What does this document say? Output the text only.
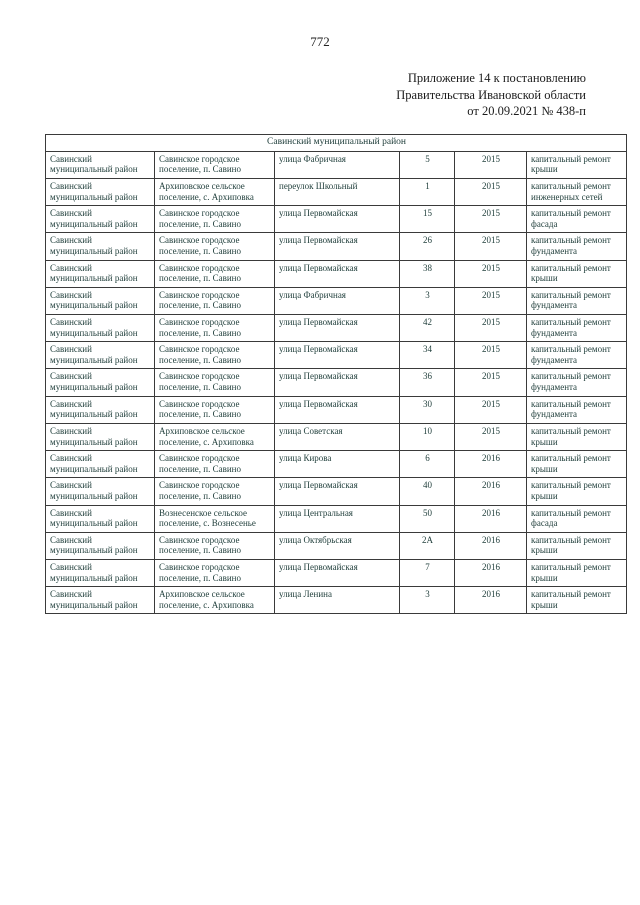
772
Приложение 14 к постановлению
Правительства Ивановской области
от 20.09.2021 № 438-п
Савинский муниципальный район					
Савинский муниципальный район	Савинское городское поселение, п. Савино	улица Фабричная	5	2015	капитальный ремонт крыши
Савинский муниципальный район	Архиповское сельское поселение, с. Архиповка	переулок Школьный	1	2015	капитальный ремонт инженерных сетей
Савинский муниципальный район	Савинское городское поселение, п. Савино	улица Первомайская	15	2015	капитальный ремонт фасада
Савинский муниципальный район	Савинское городское поселение, п. Савино	улица Первомайская	26	2015	капитальный ремонт фундамента
Савинский муниципальный район	Савинское городское поселение, п. Савино	улица Первомайская	38	2015	капитальный ремонт крыши
Савинский муниципальный район	Савинское городское поселение, п. Савино	улица Фабричная	3	2015	капитальный ремонт фундамента
Савинский муниципальный район	Савинское городское поселение, п. Савино	улица Первомайская	42	2015	капитальный ремонт фундамента
Савинский муниципальный район	Савинское городское поселение, п. Савино	улица Первомайская	34	2015	капитальный ремонт фундамента
Савинский муниципальный район	Савинское городское поселение, п. Савино	улица Первомайская	36	2015	капитальный ремонт фундамента
Савинский муниципальный район	Савинское городское поселение, п. Савино	улица Первомайская	30	2015	капитальный ремонт фундамента
Савинский муниципальный район	Архиповское сельское поселение, с. Архиповка	улица Советская	10	2015	капитальный ремонт крыши
Савинский муниципальный район	Савинское городское поселение, п. Савино	улица Кирова	6	2016	капитальный ремонт крыши
Савинский муниципальный район	Савинское городское поселение, п. Савино	улица Первомайская	40	2016	капитальный ремонт крыши
Савинский муниципальный район	Вознесенское сельское поселение, с. Вознесенье	улица Центральная	50	2016	капитальный ремонт фасада
Савинский муниципальный район	Савинское городское поселение, п. Савино	улица Октябрьская	2А	2016	капитальный ремонт крыши
Савинский муниципальный район	Савинское городское поселение, п. Савино	улица Первомайская	7	2016	капитальный ремонт крыши
Савинский муниципальный район	Архиповское сельское поселение, с. Архиповка	улица Ленина	3	2016	капитальный ремонт крыши
